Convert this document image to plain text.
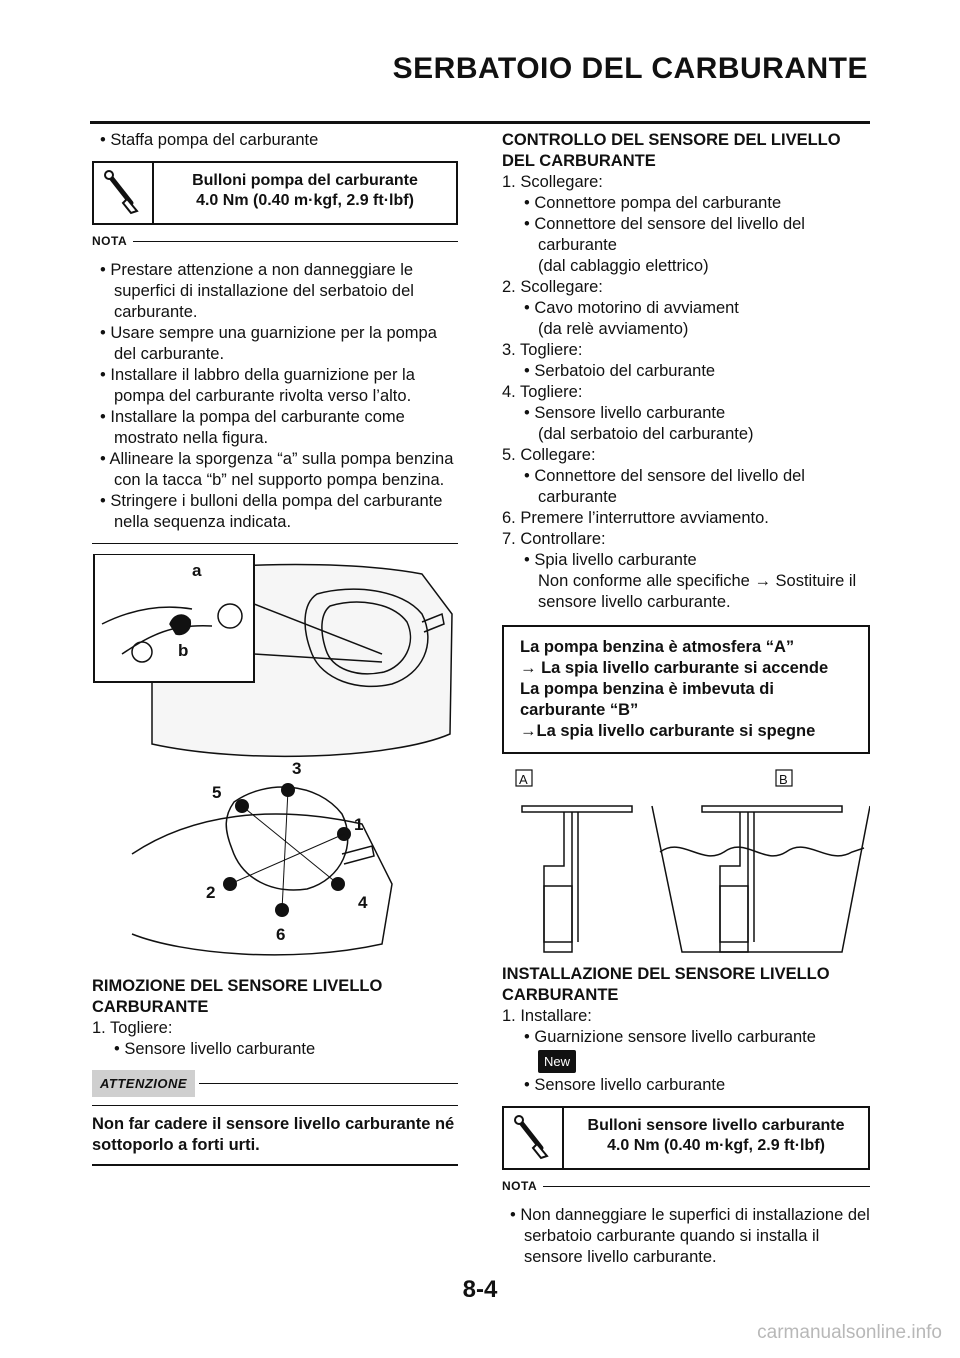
SERBATOIO DEL CARBURANTE

• Staffa pompa del carburante

Bulloni pompa del carburante
4.0 Nm (0.40 m·kgf, 2.9 ft·lbf)
NOTA

• Prestare attenzione a non danneggiare le superfici di installazione del serbatoio del carburante.

• Usare sempre una guarnizione per la pompa del carburante.

• Installare il labbro della guarnizione per la pompa del carburante rivolta verso l’alto.

• Installare la pompa del carburante come mostrato nella figura.

• Allineare la sporgenza “a” sulla pompa benzina con la tacca “b” nel supporto pompa benzina.

• Stringere i bulloni della pompa del carburante nella sequenza indicata.

a
b
3
5
1
2
4
6

RIMOZIONE DEL SENSORE LIVELLO CARBURANTE

1. Togliere:

• Sensore livello carburante

ATTENZIONE
Non far cadere il sensore livello carburante né sottoporlo a forti urti.

CONTROLLO DEL SENSORE DEL LIVELLO DEL CARBURANTE

1. Scollegare:

• Connettore pompa del carburante

• Connettore del sensore del livello del carburante

(dal cablaggio elettrico)

2. Scollegare:

• Cavo motorino di avviament

(da relè avviamento)

3. Togliere:

• Serbatoio del carburante

4. Togliere:

• Sensore livello carburante

(dal serbatoio del carburante)

5. Collegare:

• Connettore del sensore del livello del carburante

6. Premere l’interruttore avviamento.

7. Controllare:

• Spia livello carburante

Non conforme alle specifiche → Sostituire il sensore livello carburante.

La pompa benzina è atmosfera “A”
→ La spia livello carburante si accende
La pompa benzina è imbevuta di carburante “B”
→La spia livello carburante si spegne
A	B

INSTALLAZIONE DEL SENSORE LIVELLO CARBURANTE

1. Installare:

• Guarnizione sensore livello carburante

New

• Sensore livello carburante

Bulloni sensore livello carburante
4.0 Nm (0.40 m·kgf, 2.9 ft·lbf)
NOTA

• Non danneggiare le superfici di installazione del serbatoio carburante quando si installa il sensore livello carburante.

8-4
carmanualsonline.info
